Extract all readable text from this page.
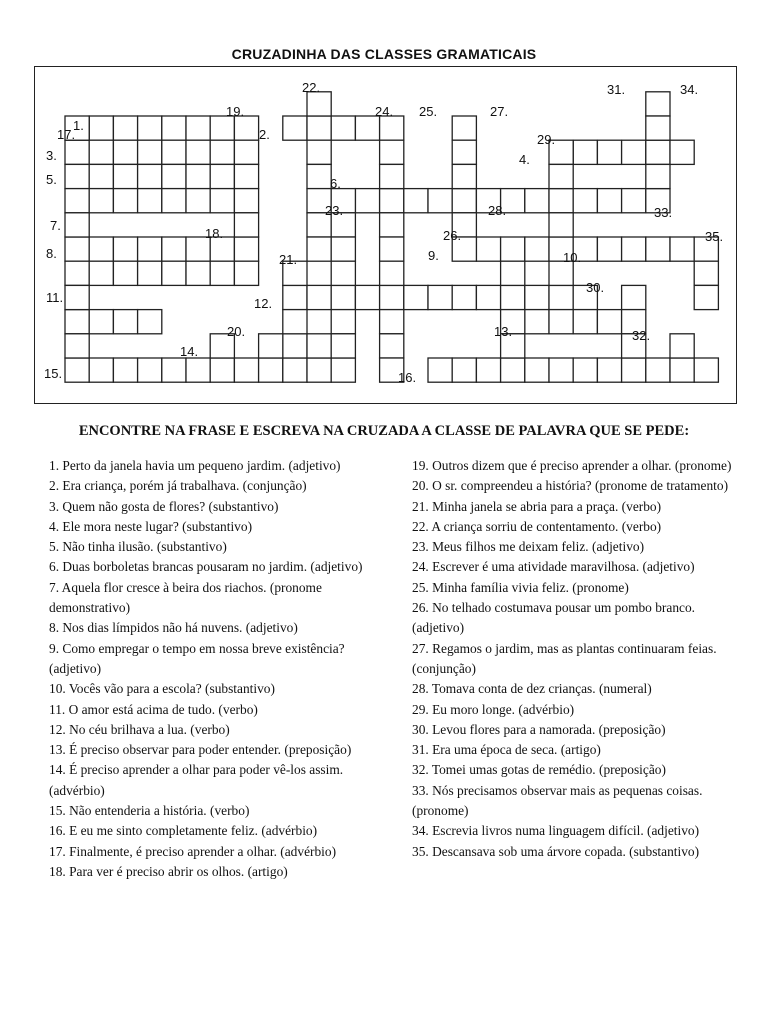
CRUZADINHA DAS CLASSES GRAMATICAIS
1.
2.
3.	4.
5.	6.
7.
8.	9.	10.
11.	12.
13.
14.
15.	16.
17.
18.
19.
20.
21.
22.
23.
24. 25.
26.
27.
28.
29.
30.
31.
32.
33.
34.
35.
ENCONTRE NA FRASE E ESCREVA NA CRUZADA A CLASSE DE PALAVRA QUE SE PEDE:

1. Perto da janela havia um pequeno jardim. (adjetivo)

2. Era criança, porém já trabalhava. (conjunção)

3. Quem não gosta de flores? (substantivo)

4. Ele mora neste lugar? (substantivo)

5. Não tinha ilusão. (substantivo)

6. Duas borboletas brancas pousaram no jardim. (adjetivo)

7. Aquela flor cresce à beira dos riachos. (pronome demonstrativo)

8. Nos dias límpidos não há nuvens. (adjetivo)

9. Como empregar o tempo em nossa breve existência? (adjetivo)

10. Vocês vão para a escola? (substantivo)

11. O amor está acima de tudo. (verbo)

12. No céu brilhava a lua. (verbo)

13. É preciso observar para poder entender. (preposição)

14. É preciso aprender a olhar para poder vê-los assim. (advérbio)

15. Não entenderia a história. (verbo)

16. E eu me sinto completamente feliz. (advérbio)

17. Finalmente, é preciso aprender a olhar. (advérbio)

18. Para ver é preciso abrir os olhos. (artigo)

19. Outros dizem que é preciso aprender a olhar. (pronome)

20. O sr. compreendeu a história? (pronome de tratamento)

21. Minha janela se abria para a praça. (verbo)

22. A criança sorriu de contentamento. (verbo)

23. Meus filhos me deixam feliz. (adjetivo)

24. Escrever é uma atividade maravilhosa. (adjetivo)

25. Minha família vivia feliz. (pronome)

26. No telhado costumava pousar um pombo branco. (adjetivo)

27. Regamos o jardim, mas as plantas continuaram feias. (conjunção)

28. Tomava conta de dez crianças. (numeral)

29. Eu moro longe. (advérbio)

30. Levou flores para a namorada. (preposição)

31. Era uma época de seca. (artigo)

32. Tomei umas gotas de remédio. (preposição)

33. Nós precisamos observar mais as pequenas coisas. (pronome)

34. Escrevia livros numa linguagem difícil. (adjetivo)

35. Descansava sob uma árvore copada. (substantivo)
